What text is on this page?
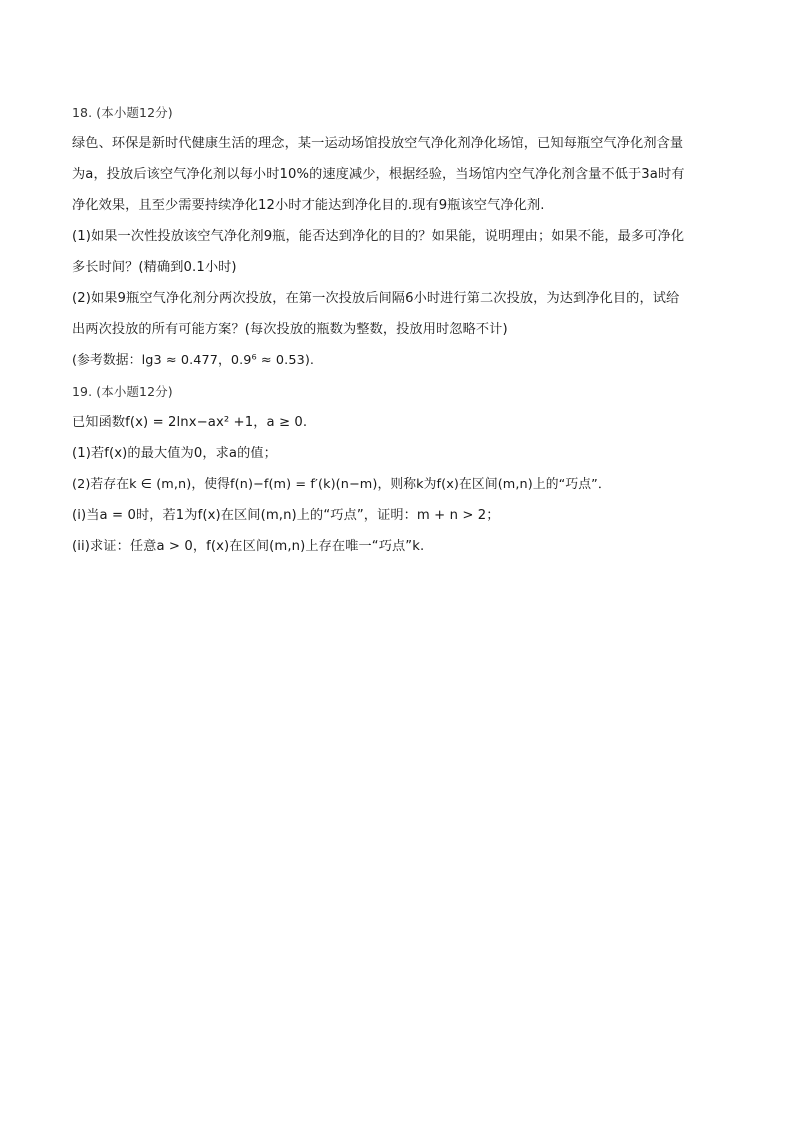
18. (本小题12分)
绿色、环保是新时代健康生活的理念，某一运动场馆投放空气净化剂净化场馆，已知每瓶空气净化剂含量
为a，投放后该空气净化剂以每小时10%的速度减少，根据经验，当场馆内空气净化剂含量不低于3a时有
净化效果，且至少需要持续净化12小时才能达到净化目的.现有9瓶该空气净化剂.
(1)如果一次性投放该空气净化剂9瓶，能否达到净化的目的？如果能，说明理由；如果不能，最多可净化
多长时间？(精确到0.1小时)
(2)如果9瓶空气净化剂分两次投放，在第一次投放后间隔6小时进行第二次投放，为达到净化目的，试给
出两次投放的所有可能方案？(每次投放的瓶数为整数，投放用时忽略不计)
(参考数据：lg3 ≈ 0.477，0.9⁶ ≈ 0.53).
19. (本小题12分)
已知函数f(x) = 2lnx−ax² +1，a ≥ 0.
(1)若f(x)的最大值为0，求a的值；
(2)若存在k ∈ (m,n)，使得f(n)−f(m) = f′(k)(n−m)，则称k为f(x)在区间(m,n)上的“巧点”．
(i)当a = 0时，若1为f(x)在区间(m,n)上的“巧点”，证明：m + n > 2；
(ii)求证：任意a > 0，f(x)在区间(m,n)上存在唯一“巧点”k.
